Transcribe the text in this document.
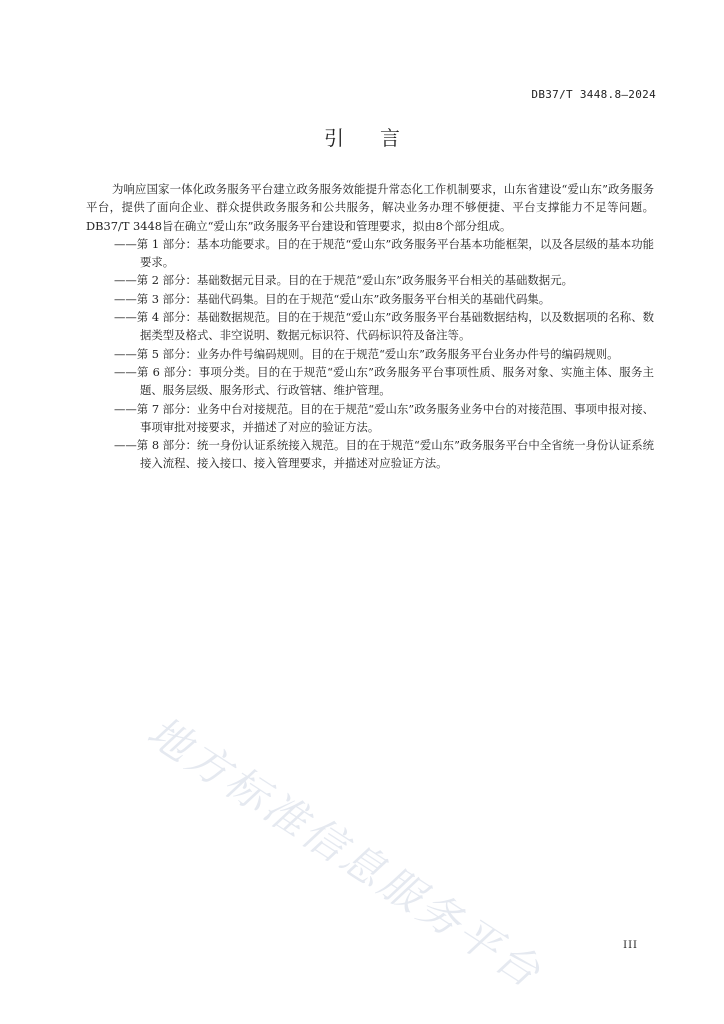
DB37/T 3448.8—2024
引言

为响应国家一体化政务服务平台建立政务服务效能提升常态化工作机制要求，山东省建设“爱山东”政务服务平台，提供了面向企业、群众提供政务服务和公共服务，解决业务办理不够便捷、平台支撑能力不足等问题。DB37/T 3448旨在确立“爱山东”政务服务平台建设和管理要求，拟由8个部分组成。

——第 1 部分：基本功能要求。目的在于规范“爱山东”政务服务平台基本功能框架，以及各层级的基本功能要求。
——第 2 部分：基础数据元目录。目的在于规范“爱山东”政务服务平台相关的基础数据元。
——第 3 部分：基础代码集。目的在于规范“爱山东”政务服务平台相关的基础代码集。
——第 4 部分：基础数据规范。目的在于规范“爱山东”政务服务平台基础数据结构，以及数据项的名称、数据类型及格式、非空说明、数据元标识符、代码标识符及备注等。
——第 5 部分：业务办件号编码规则。目的在于规范“爱山东”政务服务平台业务办件号的编码规则。
——第 6 部分：事项分类。目的在于规范“爱山东”政务服务平台事项性质、服务对象、实施主体、服务主题、服务层级、服务形式、行政管辖、维护管理。
——第 7 部分：业务中台对接规范。目的在于规范“爱山东”政务服务业务中台的对接范围、事项申报对接、事项审批对接要求，并描述了对应的验证方法。
——第 8 部分：统一身份认证系统接入规范。目的在于规范“爱山东”政务服务平台中全省统一身份认证系统接入流程、接入接口、接入管理要求，并描述对应验证方法。
地方标准信息服务平台	III
